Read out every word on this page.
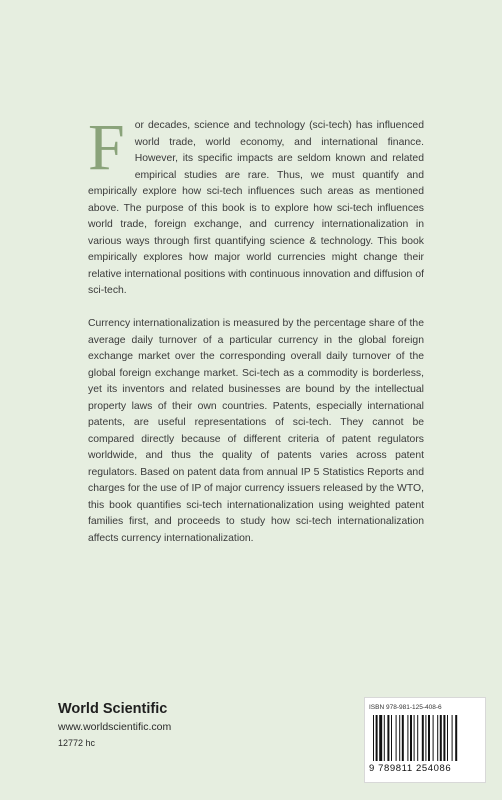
For decades, science and technology (sci-tech) has influenced world trade, world economy, and international finance. However, its specific impacts are seldom known and related empirical studies are rare. Thus, we must quantify and empirically explore how sci-tech influences such areas as mentioned above. The purpose of this book is to explore how sci-tech influences world trade, foreign exchange, and currency internationalization in various ways through first quantifying science & technology. This book empirically explores how major world currencies might change their relative international positions with continuous innovation and diffusion of sci-tech.

Currency internationalization is measured by the percentage share of the average daily turnover of a particular currency in the global foreign exchange market over the corresponding overall daily turnover of the global foreign exchange market. Sci-tech as a commodity is borderless, yet its inventors and related businesses are bound by the intellectual property laws of their own countries. Patents, especially international patents, are useful representations of sci-tech. They cannot be compared directly because of different criteria of patent regulators worldwide, and thus the quality of patents varies across patent regulators. Based on patent data from annual IP 5 Statistics Reports and charges for the use of IP of major currency issuers released by the WTO, this book quantifies sci-tech internationalization using weighted patent families first, and proceeds to study how sci-tech internationalization affects currency internationalization.

World Scientific
www.worldscientific.com
12772 hc
ISBN 978-981-125-408-6
9 789811 254086
